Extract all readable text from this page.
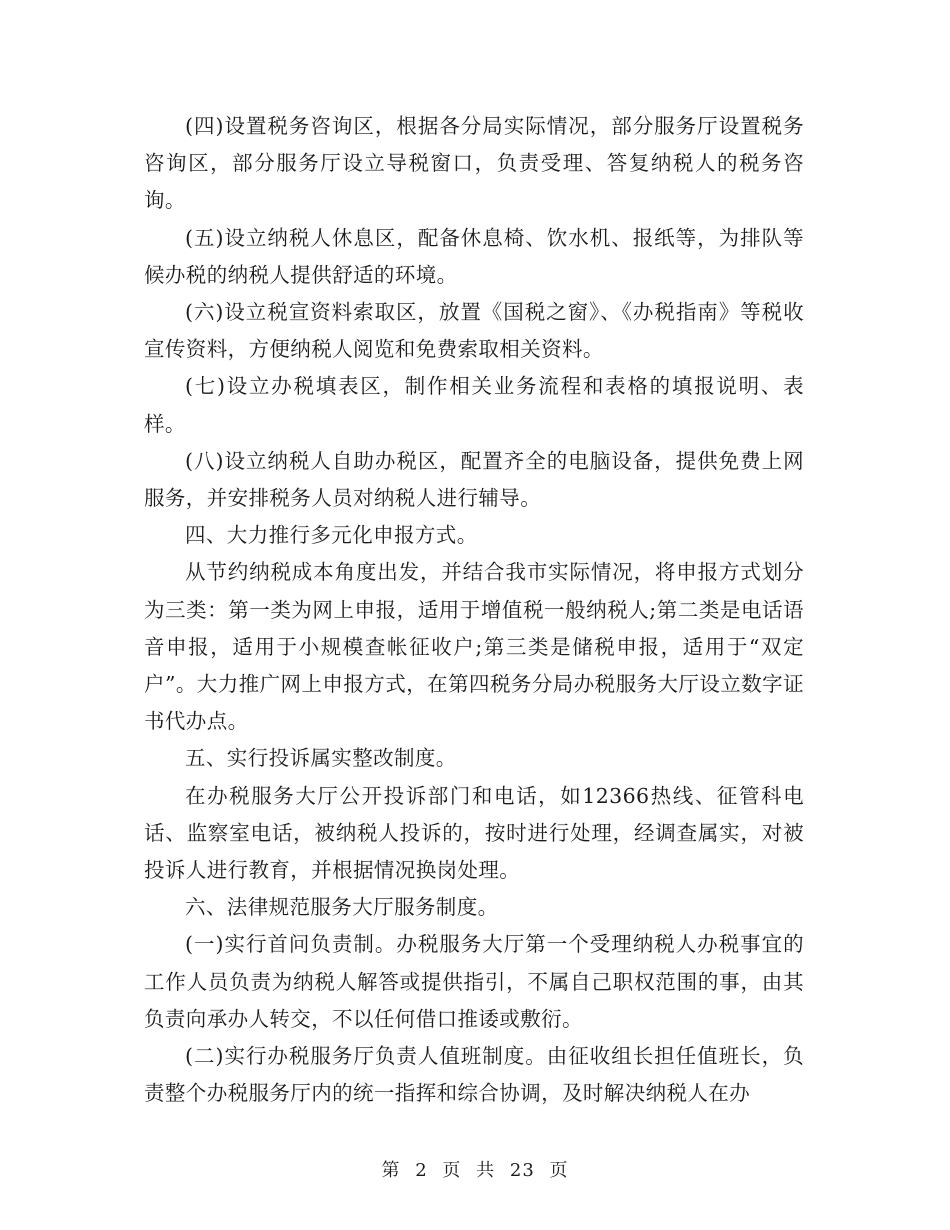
(四)设置税务咨询区，根据各分局实际情况，部分服务厅设置税务咨询区，部分服务厅设立导税窗口，负责受理、答复纳税人的税务咨询。

(五)设立纳税人休息区，配备休息椅、饮水机、报纸等，为排队等候办税的纳税人提供舒适的环境。

(六)设立税宣资料索取区，放置《国税之窗》、《办税指南》等税收宣传资料，方便纳税人阅览和免费索取相关资料。

(七)设立办税填表区，制作相关业务流程和表格的填报说明、表样。

(八)设立纳税人自助办税区，配置齐全的电脑设备，提供免费上网服务，并安排税务人员对纳税人进行辅导。

四、大力推行多元化申报方式。

从节约纳税成本角度出发，并结合我市实际情况，将申报方式划分为三类：第一类为网上申报，适用于增值税一般纳税人;第二类是电话语音申报，适用于小规模查帐征收户;第三类是储税申报，适用于“双定户”。大力推广网上申报方式，在第四税务分局办税服务大厅设立数字证书代办点。

五、实行投诉属实整改制度。

在办税服务大厅公开投诉部门和电话，如12366热线、征管科电话、监察室电话，被纳税人投诉的，按时进行处理，经调查属实，对被投诉人进行教育，并根据情况换岗处理。

六、法律规范服务大厅服务制度。

(一)实行首问负责制。办税服务大厅第一个受理纳税人办税事宜的工作人员负责为纳税人解答或提供指引，不属自己职权范围的事，由其负责向承办人转交，不以任何借口推诿或敷衍。

(二)实行办税服务厅负责人值班制度。由征收组长担任值班长，负责整个办税服务厅内的统一指挥和综合协调，及时解决纳税人在办

第 2 页 共 23 页
